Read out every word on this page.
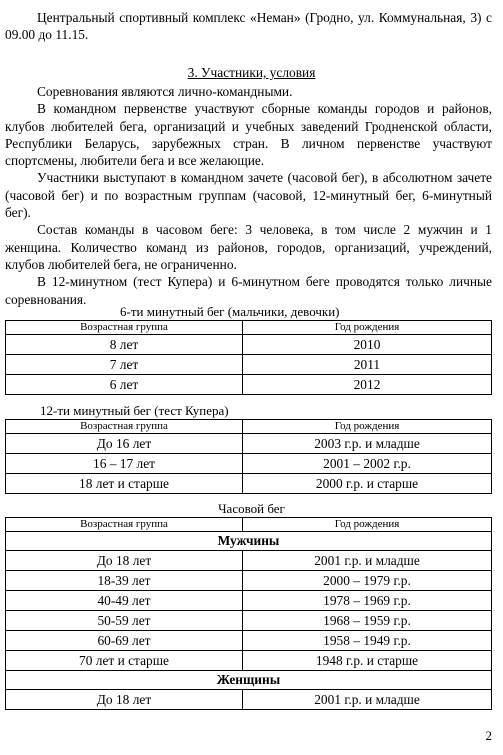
Центральный спортивный комплекс «Неман» (Гродно, ул. Коммунальная, 3) с 09.00 до 11.15.

3. Участники, условия

Соревнования являются лично-командными.

В командном первенстве участвуют сборные команды городов и районов, клубов любителей бега, организаций и учебных заведений Гродненской области, Республики Беларусь, зарубежных стран. В личном первенстве участвуют спортсмены, любители бега и все желающие.

Участники выступают в командном зачете (часовой бег), в абсолютном зачете (часовой бег) и по возрастным группам (часовой, 12-минутный бег, 6-минутный бег).

Состав команды в часовом беге: 3 человека, в том числе 2 мужчин и 1 женщина. Количество команд из районов, городов, организаций, учреждений, клубов любителей бега, не ограниченно.

В 12-минутном (тест Купера) и 6-минутном беге проводятся только личные соревнования.

6-ти минутный бег (мальчики, девочки)
Возрастная группа	Год рождения
8 лет	2010
7 лет	2011
6 лет	2012
12-ти минутный бег (тест Купера)
Возрастная группа	Год рождения
До 16 лет	2003 г.р. и младше
16 – 17 лет	2001 – 2002 г.р.
18 лет и старше	2000 г.р. и старше
Часовой бег
Возрастная группа	Год рождения
Мужчины	
До 18 лет	2001 г.р. и младше
18-39 лет	2000 – 1979 г.р.
40-49 лет	1978 – 1969 г.р.
50-59 лет	1968 – 1959 г.р.
60-69 лет	1958 – 1949 г.р.
70 лет и старше	1948 г.р. и старше
Женщины	
До 18 лет	2001 г.р. и младше
2
